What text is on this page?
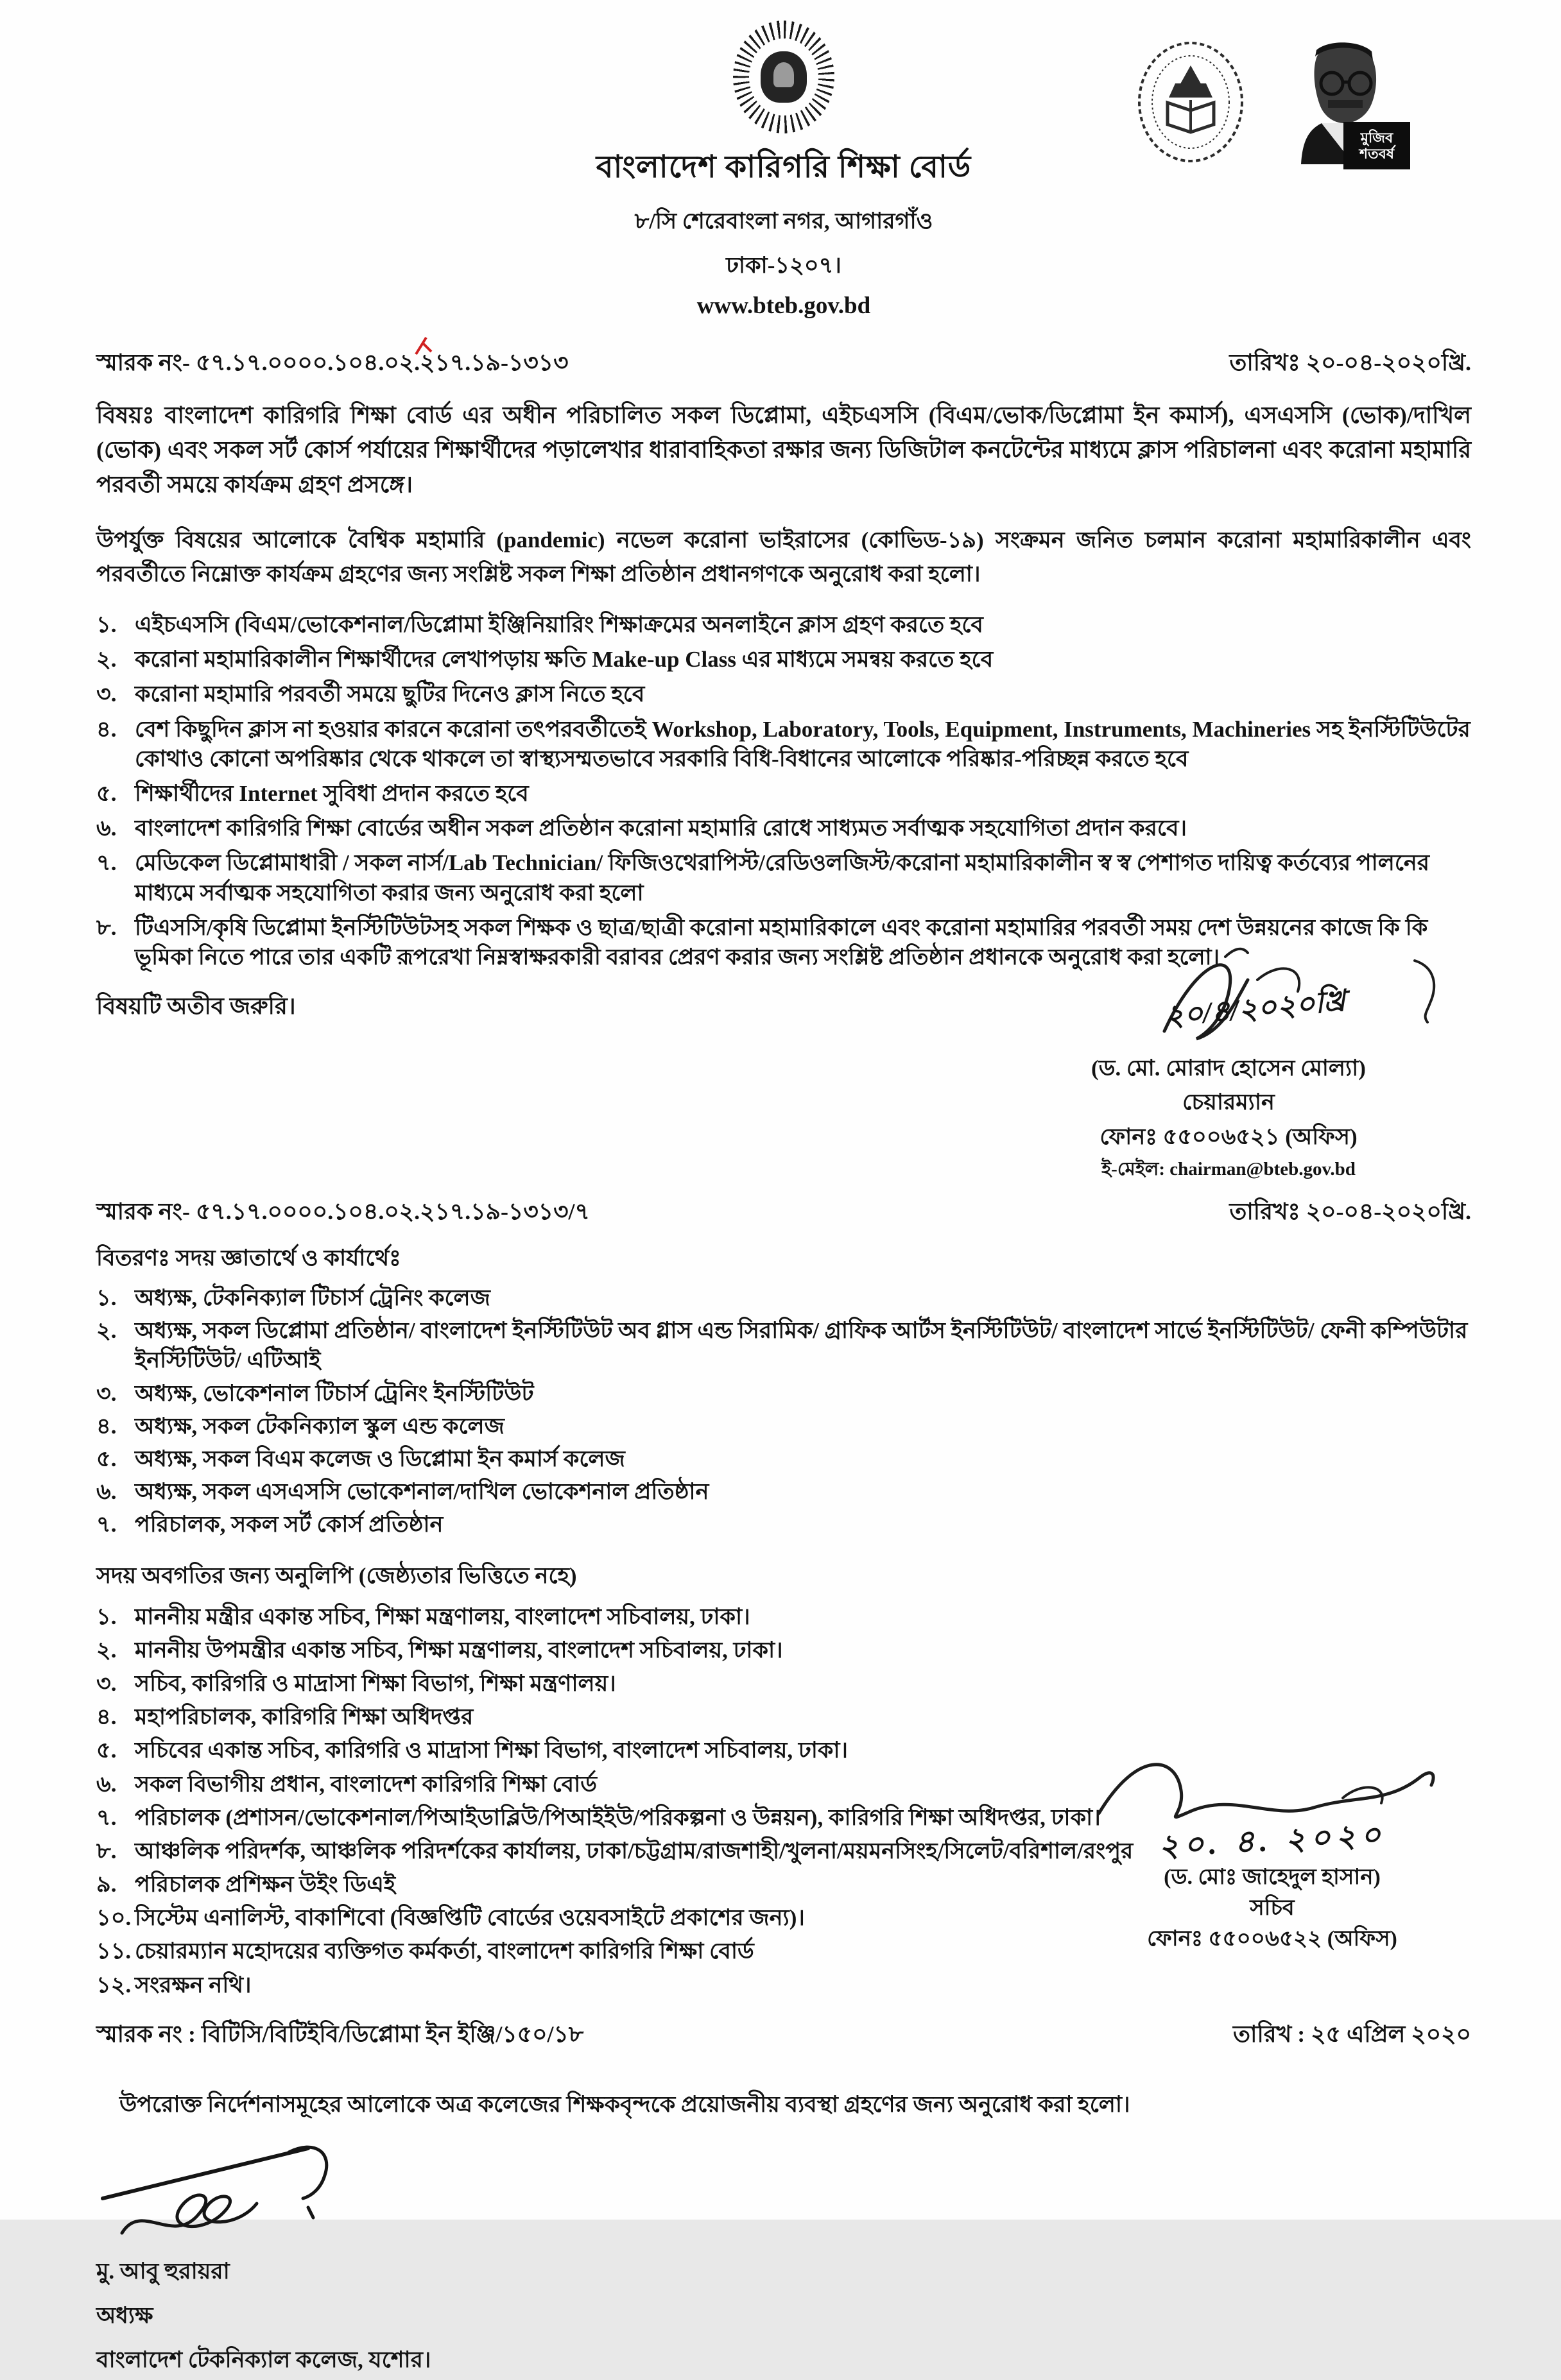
বাংলাদেশ কারিগরি শিক্ষা বোর্ড
৮/সি শেরেবাংলা নগর, আগারগাঁও
ঢাকা-১২০৭।
www.bteb.gov.bd
মুজিব শতবর্ষ
স্মারক নং- ৫৭.১৭.০০০০.১০৪.০২.২১৭.১৯-১৩১৩	তারিখঃ ২০-০৪-২০২০খ্রি.
বিষয়ঃ বাংলাদেশ কারিগরি শিক্ষা বোর্ড এর অধীন পরিচালিত সকল ডিপ্লোমা, এইচএসসি (বিএম/ভোক/ডিপ্লোমা ইন কমার্স), এসএসসি (ভোক)/দাখিল (ভোক) এবং সকল সর্ট কোর্স পর্যায়ের শিক্ষার্থীদের পড়ালেখার ধারাবাহিকতা রক্ষার জন্য ডিজিটাল কনটেন্টের মাধ্যমে ক্লাস পরিচালনা এবং করোনা মহামারি পরবর্তী সময়ে কার্যক্রম গ্রহণ প্রসঙ্গে।
উপর্যুক্ত বিষয়ের আলোকে বৈশ্বিক মহামারি (pandemic) নভেল করোনা ভাইরাসের (কোভিড-১৯) সংক্রমন জনিত চলমান করোনা মহামারিকালীন এবং পরবর্তীতে নিম্নোক্ত কার্যক্রম গ্রহণের জন্য সংশ্লিষ্ট সকল শিক্ষা প্রতিষ্ঠান প্রধানগণকে অনুরোধ করা হলো।
১. এইচএসসি (বিএম/ভোকেশনাল/ডিপ্লোমা ইঞ্জিনিয়ারিং শিক্ষাক্রমের অনলাইনে ক্লাস গ্রহণ করতে হবে
২. করোনা মহামারিকালীন শিক্ষার্থীদের লেখাপড়ায় ক্ষতি Make-up Class এর মাধ্যমে সমন্বয় করতে হবে
৩. করোনা মহামারি পরবর্তী সময়ে ছুটির দিনেও ক্লাস নিতে হবে
৪. বেশ কিছুদিন ক্লাস না হওয়ার কারনে করোনা তৎপরবর্তীতেই Workshop, Laboratory, Tools, Equipment, Instruments, Machineries সহ ইনস্টিটিউটের কোথাও কোনো অপরিষ্কার থেকে থাকলে তা স্বাস্থ্যসম্মতভাবে সরকারি বিধি-বিধানের আলোকে পরিষ্কার-পরিচ্ছন্ন করতে হবে
৫. শিক্ষার্থীদের Internet সুবিধা প্রদান করতে হবে
৬. বাংলাদেশ কারিগরি শিক্ষা বোর্ডের অধীন সকল প্রতিষ্ঠান করোনা মহামারি রোধে সাধ্যমত সর্বাত্মক সহযোগিতা প্রদান করবে।
৭. মেডিকেল ডিপ্লোমাধারী / সকল নার্স/Lab Technician/ ফিজিওথেরাপিস্ট/রেডিওলজিস্ট/করোনা মহামারিকালীন স্ব স্ব পেশাগত দায়িত্ব কর্তব্যের পালনের মাধ্যমে সর্বাত্মক সহযোগিতা করার জন্য অনুরোধ করা হলো
৮. টিএসসি/কৃষি ডিপ্লোমা ইনস্টিটিউটসহ সকল শিক্ষক ও ছাত্র/ছাত্রী করোনা মহামারিকালে এবং করোনা মহামারির পরবর্তী সময় দেশ উন্নয়নের কাজে কি কি ভূমিকা নিতে পারে তার একটি রূপরেখা নিম্নস্বাক্ষরকারী বরাবর প্রেরণ করার জন্য সংশ্লিষ্ট প্রতিষ্ঠান প্রধানকে অনুরোধ করা হলো।
বিষয়টি অতীব জরুরি।	২০/৪/২০২০খ্রি
(ড. মো. মোরাদ হোসেন মোল্যা)
চেয়ারম্যান
ফোনঃ ৫৫০০৬৫২১ (অফিস)
ই-মেইল: chairman@bteb.gov.bd
স্মারক নং- ৫৭.১৭.০০০০.১০৪.০২.২১৭.১৯-১৩১৩/৭	তারিখঃ ২০-০৪-২০২০খ্রি.
বিতরণঃ সদয় জ্ঞাতার্থে ও কার্যার্থেঃ
১. অধ্যক্ষ, টেকনিক্যাল টিচার্স ট্রেনিং কলেজ
২. অধ্যক্ষ, সকল ডিপ্লোমা প্রতিষ্ঠান/ বাংলাদেশ ইনস্টিটিউট অব গ্লাস এন্ড সিরামিক/ গ্রাফিক আর্টস ইনস্টিটিউট/ বাংলাদেশ সার্ভে ইনস্টিটিউট/ ফেনী কম্পিউটার ইনস্টিটিউট/ এটিআই
৩. অধ্যক্ষ, ভোকেশনাল টিচার্স ট্রেনিং ইনস্টিটিউট
৪. অধ্যক্ষ, সকল টেকনিক্যাল স্কুল এন্ড কলেজ
৫. অধ্যক্ষ, সকল বিএম কলেজ ও ডিপ্লোমা ইন কমার্স কলেজ
৬. অধ্যক্ষ, সকল এসএসসি ভোকেশনাল/দাখিল ভোকেশনাল প্রতিষ্ঠান
৭. পরিচালক, সকল সর্ট কোর্স প্রতিষ্ঠান
সদয় অবগতির জন্য অনুলিপি (জেষ্ঠ্যতার ভিত্তিতে নহে)
১. মাননীয় মন্ত্রীর একান্ত সচিব, শিক্ষা মন্ত্রণালয়, বাংলাদেশ সচিবালয়, ঢাকা।
২. মাননীয় উপমন্ত্রীর একান্ত সচিব, শিক্ষা মন্ত্রণালয়, বাংলাদেশ সচিবালয়, ঢাকা।
৩. সচিব, কারিগরি ও মাদ্রাসা শিক্ষা বিভাগ, শিক্ষা মন্ত্রণালয়।
৪. মহাপরিচালক, কারিগরি শিক্ষা অধিদপ্তর
৫. সচিবের একান্ত সচিব, কারিগরি ও মাদ্রাসা শিক্ষা বিভাগ, বাংলাদেশ সচিবালয়, ঢাকা।
৬. সকল বিভাগীয় প্রধান, বাংলাদেশ কারিগরি শিক্ষা বোর্ড
৭. পরিচালক (প্রশাসন/ভোকেশনাল/পিআইডাব্লিউ/পিআইইউ/পরিকল্পনা ও উন্নয়ন), কারিগরি শিক্ষা অধিদপ্তর, ঢাকা।
৮. আঞ্চলিক পরিদর্শক, আঞ্চলিক পরিদর্শকের কার্যালয়, ঢাকা/চট্টগ্রাম/রাজশাহী/খুলনা/ময়মনসিংহ/সিলেট/বরিশাল/রংপুর
৯. পরিচালক প্রশিক্ষন উইং ডিএই
১০. সিস্টেম এনালিস্ট, বাকাশিবো (বিজ্ঞপ্তিটি বোর্ডের ওয়েবসাইটে প্রকাশের জন্য)।
১১. চেয়ারম্যান মহোদয়ের ব্যক্তিগত কর্মকর্তা, বাংলাদেশ কারিগরি শিক্ষা বোর্ড
১২. সংরক্ষন নথি।
২০. ৪. ২০২০
(ড. মোঃ জাহেদুল হাসান)
সচিব
ফোনঃ ৫৫০০৬৫২২ (অফিস)
স্মারক নং : বিটিসি/বিটিইবি/ডিপ্লোমা ইন ইঞ্জি/১৫০/১৮	তারিখ : ২৫ এপ্রিল ২০২০
উপরোক্ত নির্দেশনাসমূহের আলোকে অত্র কলেজের শিক্ষকবৃন্দকে প্রয়োজনীয় ব্যবস্থা গ্রহণের জন্য অনুরোধ করা হলো।
মু. আবু হুরায়রা
অধ্যক্ষ
বাংলাদেশ টেকনিক্যাল কলেজ, যশোর।
